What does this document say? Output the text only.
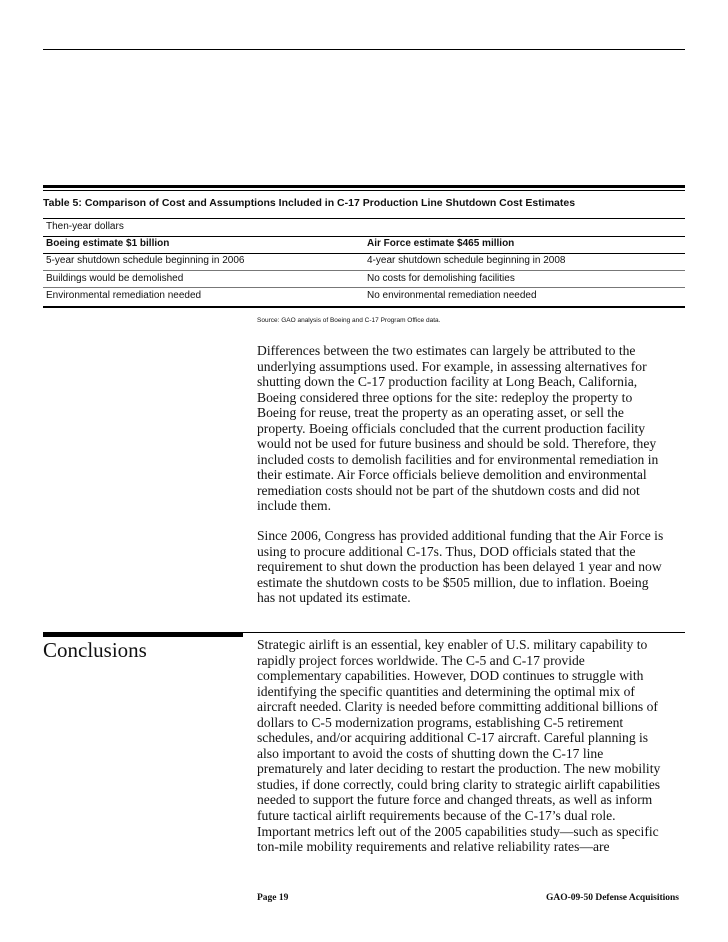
Table 5: Comparison of Cost and Assumptions Included in C-17 Production Line Shutdown Cost Estimates
Then-year dollars
Boeing estimate $1 billion	Air Force estimate $465 million
5-year shutdown schedule beginning in 2006	4-year shutdown schedule beginning in 2008
Buildings would be demolished	No costs for demolishing facilities
Environmental remediation needed	No environmental remediation needed
Source: GAO analysis of Boeing and C-17 Program Office data.
Differences between the two estimates can largely be attributed to the
underlying assumptions used. For example, in assessing alternatives for
shutting down the C-17 production facility at Long Beach, California,
Boeing considered three options for the site: redeploy the property to
Boeing for reuse, treat the property as an operating asset, or sell the
property. Boeing officials concluded that the current production facility
would not be used for future business and should be sold. Therefore, they
included costs to demolish facilities and for environmental remediation in
their estimate. Air Force officials believe demolition and environmental
remediation costs should not be part of the shutdown costs and did not
include them.
Since 2006, Congress has provided additional funding that the Air Force is
using to procure additional C-17s. Thus, DOD officials stated that the
requirement to shut down the production has been delayed 1 year and now
estimate the shutdown costs to be $505 million, due to inflation. Boeing
has not updated its estimate.
Conclusions	Strategic airlift is an essential, key enabler of U.S. military capability to
rapidly project forces worldwide. The C-5 and C-17 provide
complementary capabilities. However, DOD continues to struggle with
identifying the specific quantities and determining the optimal mix of
aircraft needed. Clarity is needed before committing additional billions of
dollars to C-5 modernization programs, establishing C-5 retirement
schedules, and/or acquiring additional C-17 aircraft. Careful planning is
also important to avoid the costs of shutting down the C-17 line
prematurely and later deciding to restart the production. The new mobility
studies, if done correctly, could bring clarity to strategic airlift capabilities
needed to support the future force and changed threats, as well as inform
future tactical airlift requirements because of the C-17’s dual role.
Important metrics left out of the 2005 capabilities study—such as specific
ton-mile mobility requirements and relative reliability rates—are
Page 19	GAO-09-50 Defense Acquisitions
